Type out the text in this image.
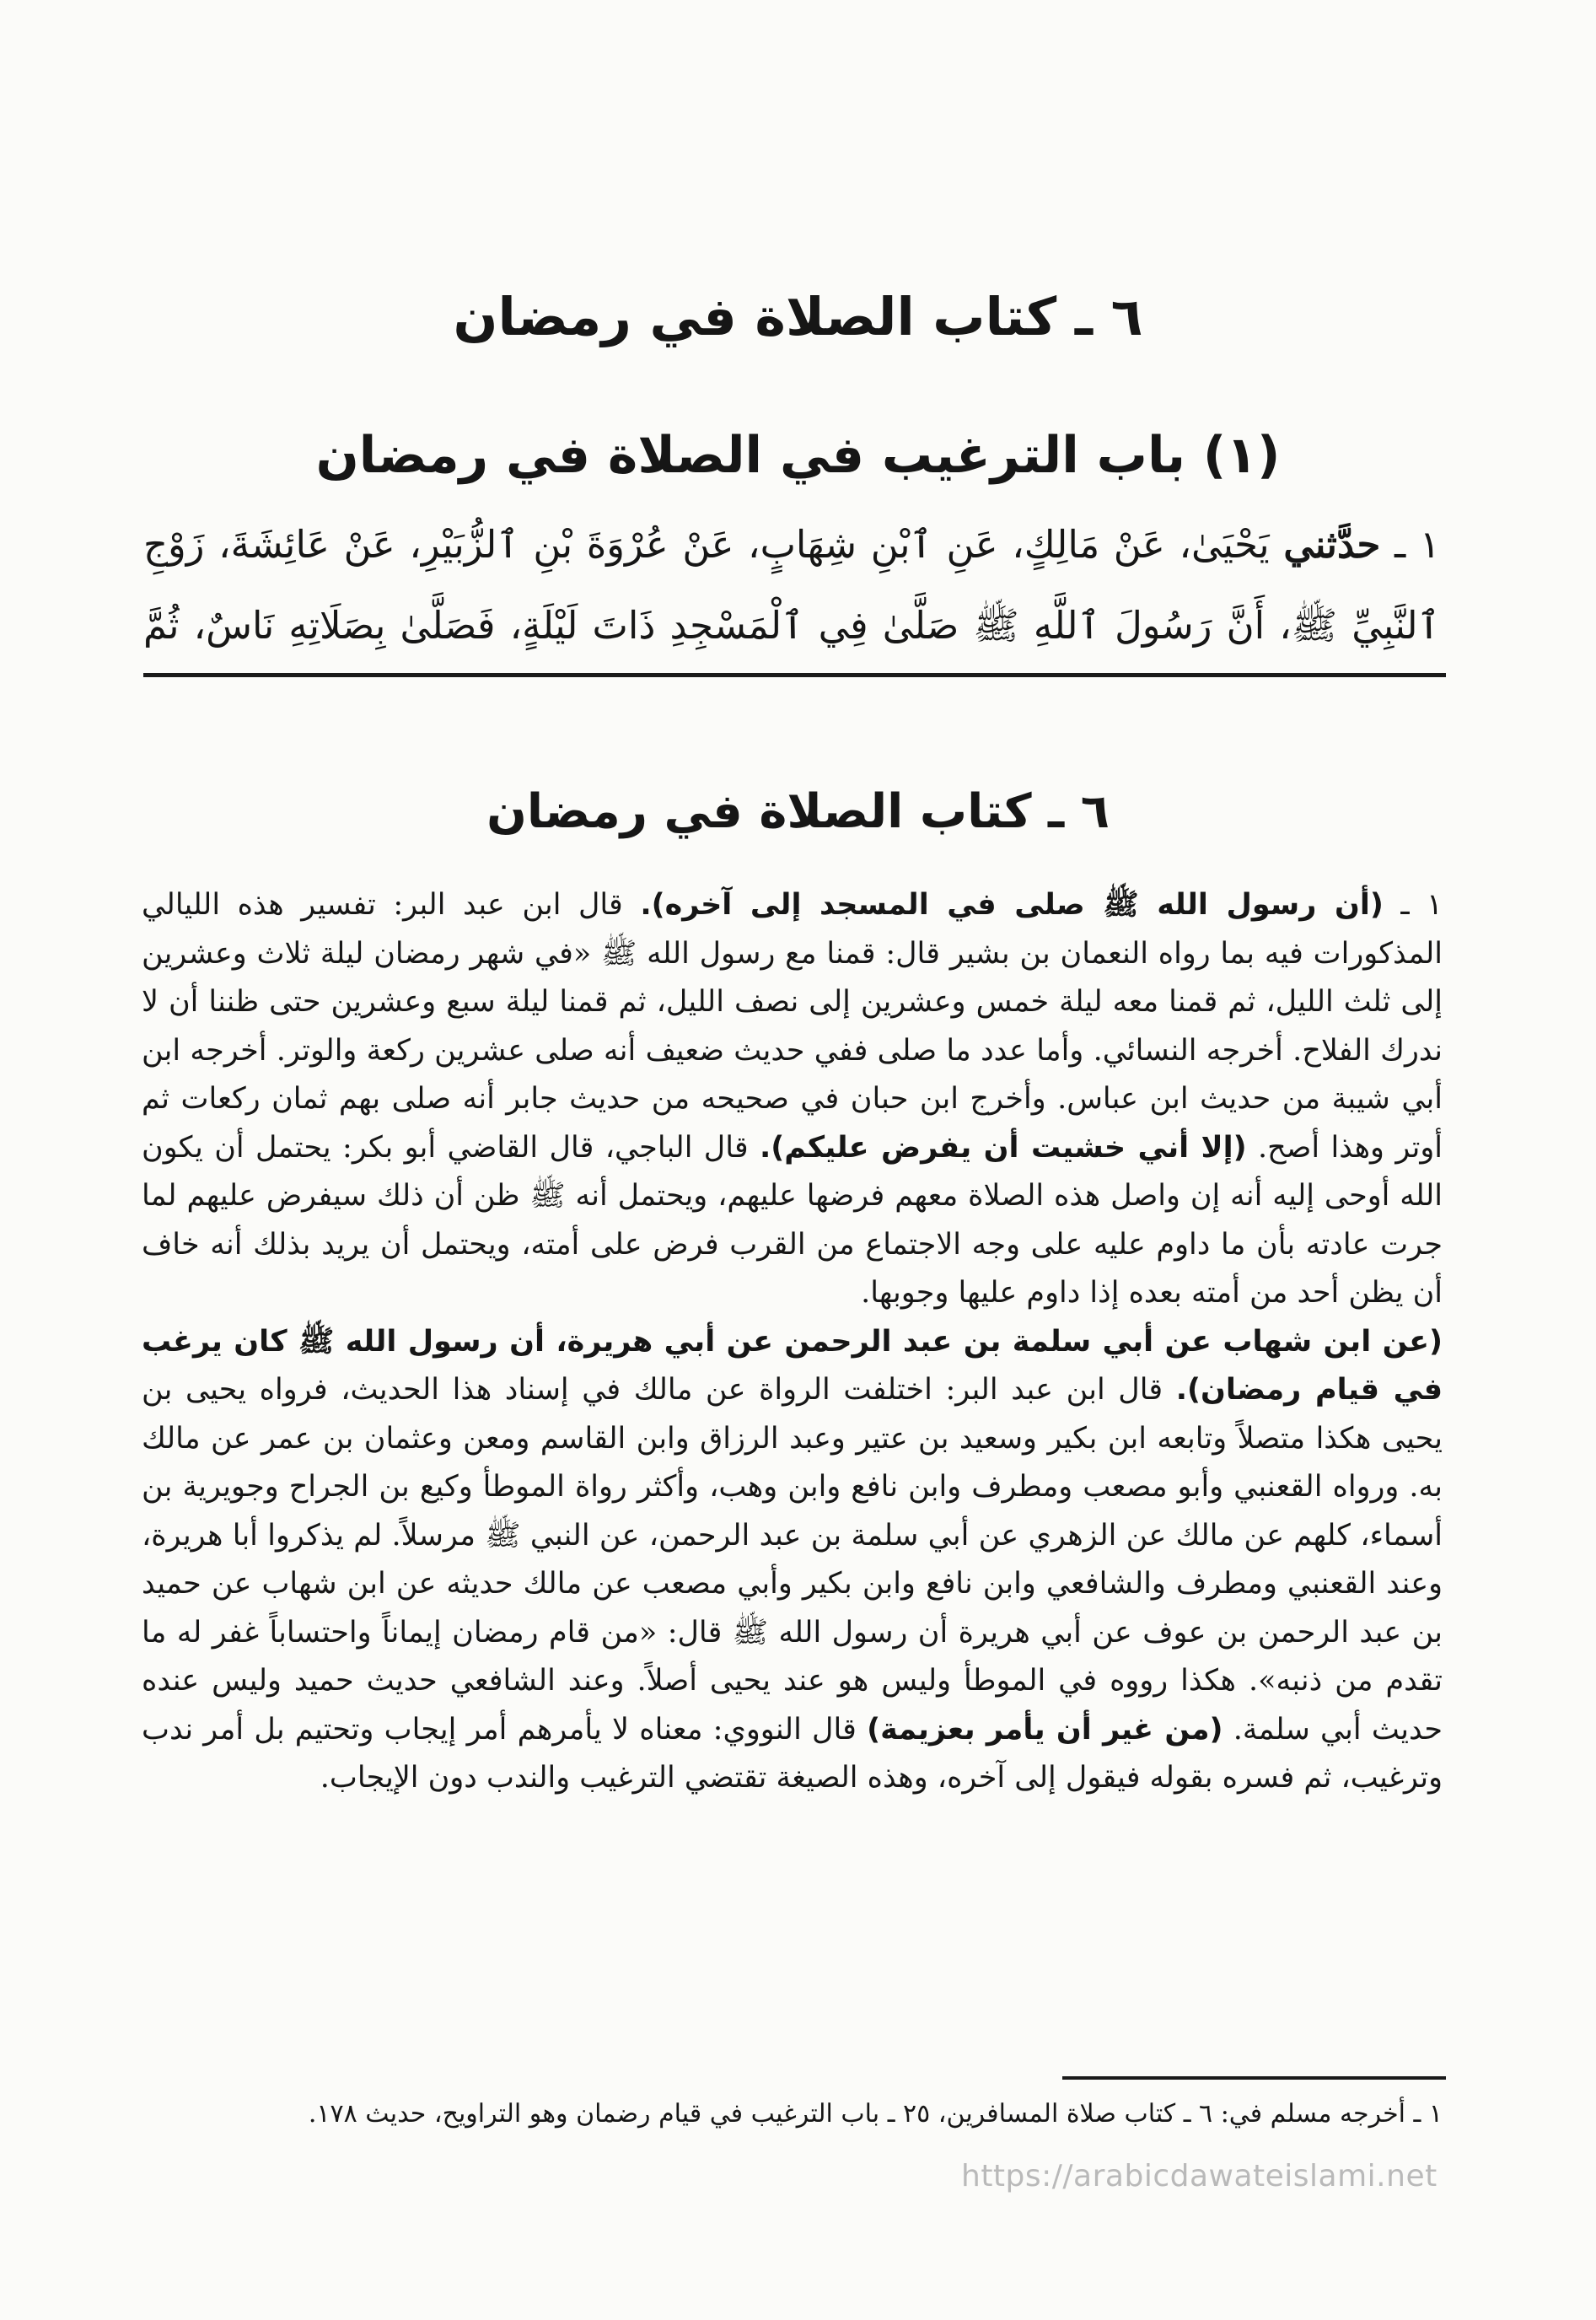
٦ ـ كتاب الصلاة في رمضان
(١) باب الترغيب في الصلاة في رمضان
١ ـ حدَّثني يَحْيَىٰ، عَنْ مَالِكٍ، عَنِ ٱبْنِ شِهَابٍ، عَنْ عُرْوَةَ بْنِ ٱلزُّبَيْرِ، عَنْ عَائِشَةَ، زَوْجِ ٱلنَّبِيِّ ﷺ، أَنَّ رَسُولَ ٱللَّهِ ﷺ صَلَّىٰ فِي ٱلْمَسْجِدِ ذَاتَ لَيْلَةٍ، فَصَلَّىٰ بِصَلَاتِهِ نَاسٌ، ثُمَّ
٦ ـ كتاب الصلاة في رمضان

١ ـ (أن رسول الله ﷺ صلى في المسجد إلى آخره). قال ابن عبد البر: تفسير هذه الليالي المذكورات فيه بما رواه النعمان بن بشير قال: قمنا مع رسول الله ﷺ «في شهر رمضان ليلة ثلاث وعشرين إلى ثلث الليل، ثم قمنا معه ليلة خمس وعشرين إلى نصف الليل، ثم قمنا ليلة سبع وعشرين حتى ظننا أن لا ندرك الفلاح. أخرجه النسائي. وأما عدد ما صلى ففي حديث ضعيف أنه صلى عشرين ركعة والوتر. أخرجه ابن أبي شيبة من حديث ابن عباس. وأخرج ابن حبان في صحيحه من حديث جابر أنه صلى بهم ثمان ركعات ثم أوتر وهذا أصح. (إلا أني خشيت أن يفرض عليكم). قال الباجي، قال القاضي أبو بكر: يحتمل أن يكون الله أوحى إليه أنه إن واصل هذه الصلاة معهم فرضها عليهم، ويحتمل أنه ﷺ ظن أن ذلك سيفرض عليهم لما جرت عادته بأن ما داوم عليه على وجه الاجتماع من القرب فرض على أمته، ويحتمل أن يريد بذلك أنه خاف أن يظن أحد من أمته بعده إذا داوم عليها وجوبها.

(عن ابن شهاب عن أبي سلمة بن عبد الرحمن عن أبي هريرة، أن رسول الله ﷺ كان يرغب في قيام رمضان). قال ابن عبد البر: اختلفت الرواة عن مالك في إسناد هذا الحديث، فرواه يحيى بن يحيى هكذا متصلاً وتابعه ابن بكير وسعيد بن عتير وعبد الرزاق وابن القاسم ومعن وعثمان بن عمر عن مالك به. ورواه القعنبي وأبو مصعب ومطرف وابن نافع وابن وهب، وأكثر رواة الموطأ وكيع بن الجراح وجويرية بن أسماء، كلهم عن مالك عن الزهري عن أبي سلمة بن عبد الرحمن، عن النبي ﷺ مرسلاً. لم يذكروا أبا هريرة، وعند القعنبي ومطرف والشافعي وابن نافع وابن بكير وأبي مصعب عن مالك حديثه عن ابن شهاب عن حميد بن عبد الرحمن بن عوف عن أبي هريرة أن رسول الله ﷺ قال: «من قام رمضان إيماناً واحتساباً غفر له ما تقدم من ذنبه». هكذا رووه في الموطأ وليس هو عند يحيى أصلاً. وعند الشافعي حديث حميد وليس عنده حديث أبي سلمة. (من غير أن يأمر بعزيمة) قال النووي: معناه لا يأمرهم أمر إيجاب وتحتيم بل أمر ندب وترغيب، ثم فسره بقوله فيقول إلى آخره، وهذه الصيغة تقتضي الترغيب والندب دون الإيجاب.

١ ـ أخرجه مسلم في: ٦ ـ كتاب صلاة المسافرين، ٢٥ ـ باب الترغيب في قيام رضمان وهو التراويح، حديث ١٧٨.
https://arabicdawateislami.net
